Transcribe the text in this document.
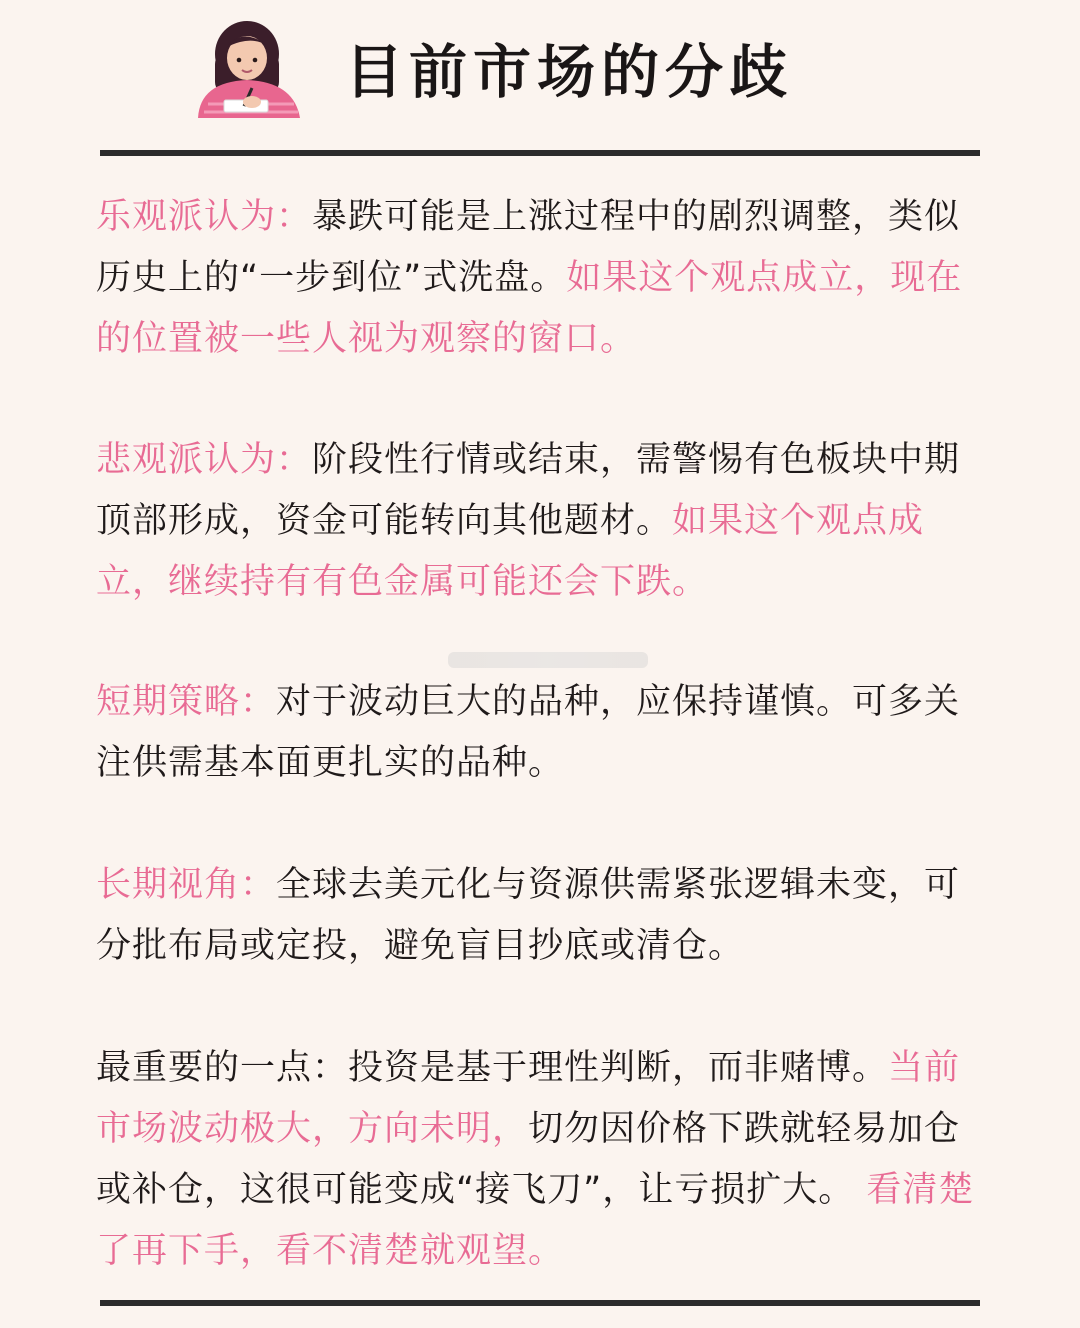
目前市场的分歧
乐观派认为：暴跌可能是上涨过程中的剧烈调整，类似历史上的“一步到位”式洗盘。如果这个观点成立，现在的位置被一些人视为观察的窗口。
悲观派认为：阶段性行情或结束，需警惕有色板块中期顶部形成，资金可能转向其他题材。如果这个观点成立，继续持有有色金属可能还会下跌。
短期策略：对于波动巨大的品种，应保持谨慎。可多关注供需基本面更扎实的品种。
长期视角：全球去美元化与资源供需紧张逻辑未变，可分批布局或定投，避免盲目抄底或清仓。
最重要的一点：投资是基于理性判断，而非赌博。当前市场波动极大，方向未明，切勿因价格下跌就轻易加仓或补仓，这很可能变成“接飞刀”，让亏损扩大。 看清楚了再下手，看不清楚就观望。
